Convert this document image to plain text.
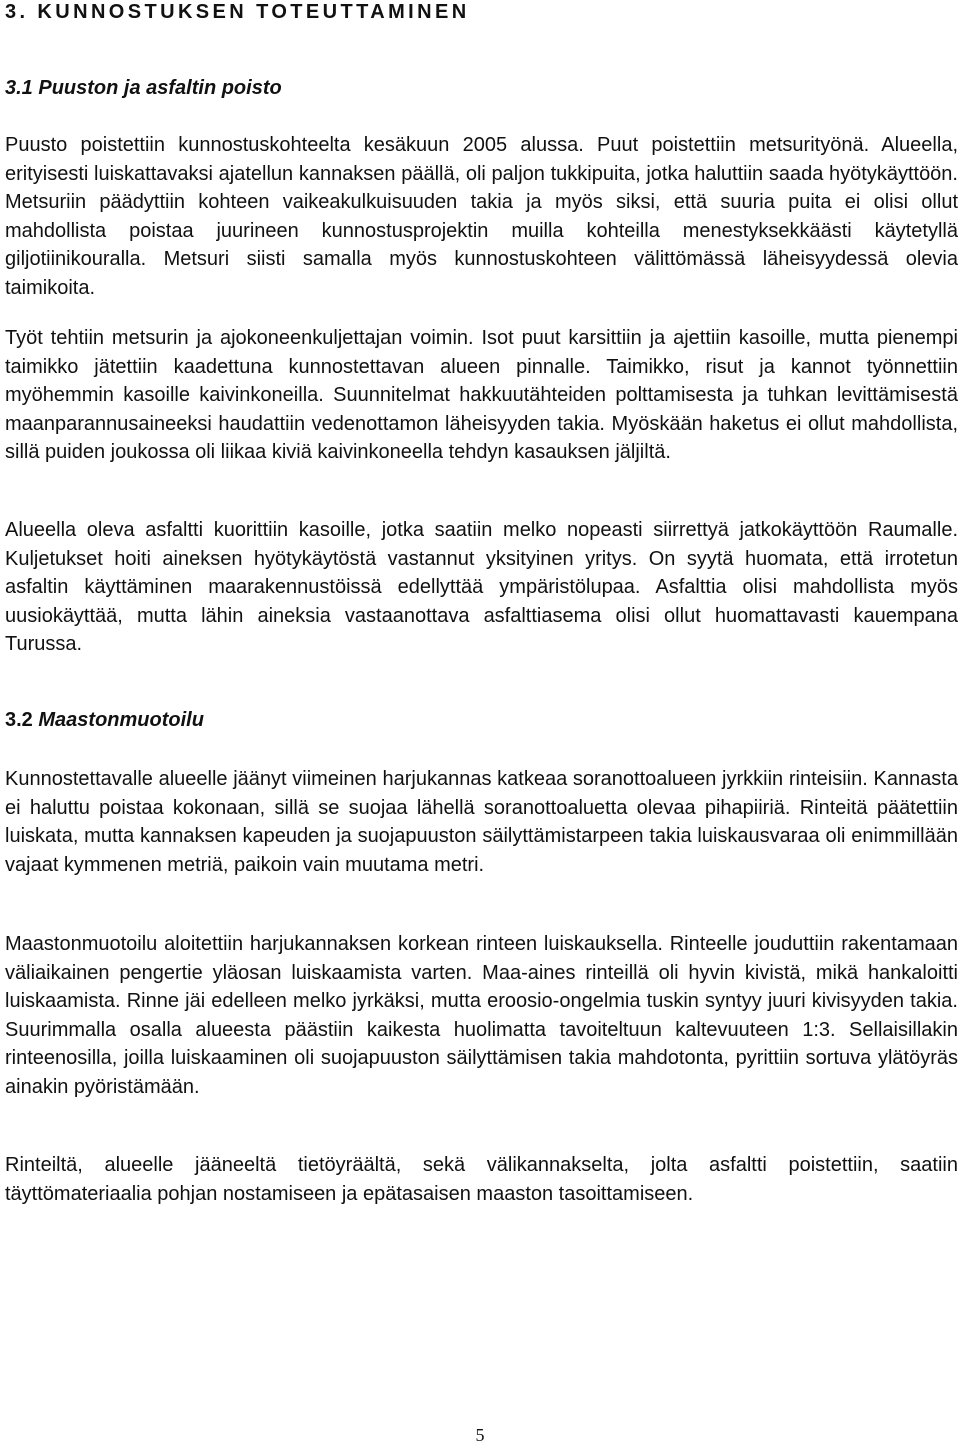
3. KUNNOSTUKSEN TOTEUTTAMINEN
3.1 Puuston ja asfaltin poisto

Puusto poistettiin kunnostuskohteelta kesäkuun 2005 alussa. Puut poistettiin metsurityönä. Alueella, erityisesti luiskattavaksi ajatellun kannaksen päällä, oli paljon tukkipuita, jotka haluttiin saada hyötykäyttöön. Metsuriin päädyttiin kohteen vaikeakulkuisuuden takia ja myös siksi, että suuria puita ei olisi ollut mahdollista poistaa juurineen kunnostusprojektin muilla kohteilla menestyksekkäästi käytetyllä giljotiinikouralla. Metsuri siisti samalla myös kunnostuskohteen välittömässä läheisyydessä olevia taimikoita.

Työt tehtiin metsurin ja ajokoneenkuljettajan voimin. Isot puut karsittiin ja ajettiin kasoille, mutta pienempi taimikko jätettiin kaadettuna kunnostettavan alueen pinnalle. Taimikko, risut ja kannot työnnettiin myöhemmin kasoille kaivinkoneilla. Suunnitelmat hakkuutähteiden polttamisesta ja tuhkan levittämisestä maanparannusaineeksi haudattiin vedenottamon läheisyyden takia. Myöskään haketus ei ollut mahdollista, sillä puiden joukossa oli liikaa kiviä kaivinkoneella tehdyn kasauksen jäljiltä.

Alueella oleva asfaltti kuorittiin kasoille, jotka saatiin melko nopeasti siirrettyä jatkokäyttöön Raumalle. Kuljetukset hoiti aineksen hyötykäytöstä vastannut yksityinen yritys. On syytä huomata, että irrotetun asfaltin käyttäminen maarakennustöissä edellyttää ympäristölupaa. Asfalttia olisi mahdollista myös uusiokäyttää, mutta lähin aineksia vastaanottava asfalttiasema olisi ollut huomattavasti kauempana Turussa.

3.2 Maastonmuotoilu

Kunnostettavalle alueelle jäänyt viimeinen harjukannas katkeaa soranottoalueen jyrkkiin rinteisiin. Kannasta ei haluttu poistaa kokonaan, sillä se suojaa lähellä soranottoaluetta olevaa pihapiiriä. Rinteitä päätettiin luiskata, mutta kannaksen kapeuden ja suojapuuston säilyttämistarpeen takia luiskausvaraa oli enimmillään vajaat kymmenen metriä, paikoin vain muutama metri.

Maastonmuotoilu aloitettiin harjukannaksen korkean rinteen luiskauksella. Rinteelle jouduttiin rakentamaan väliaikainen pengertie yläosan luiskaamista varten. Maa-aines rinteillä oli hyvin kivistä, mikä hankaloitti luiskaamista. Rinne jäi edelleen melko jyrkäksi, mutta eroosio-ongelmia tuskin syntyy juuri kivisyyden takia. Suurimmalla osalla alueesta päästiin kaikesta huolimatta tavoiteltuun kaltevuuteen 1:3. Sellaisillakin rinteenosilla, joilla luiskaaminen oli suojapuuston säilyttämisen takia mahdotonta, pyrittiin sortuva ylätöyräs ainakin pyöristämään.

Rinteiltä, alueelle jääneeltä tietöyräältä, sekä välikannakselta, jolta asfaltti poistettiin, saatiin täyttömateriaalia pohjan nostamiseen ja epätasaisen maaston tasoittamiseen.

5
